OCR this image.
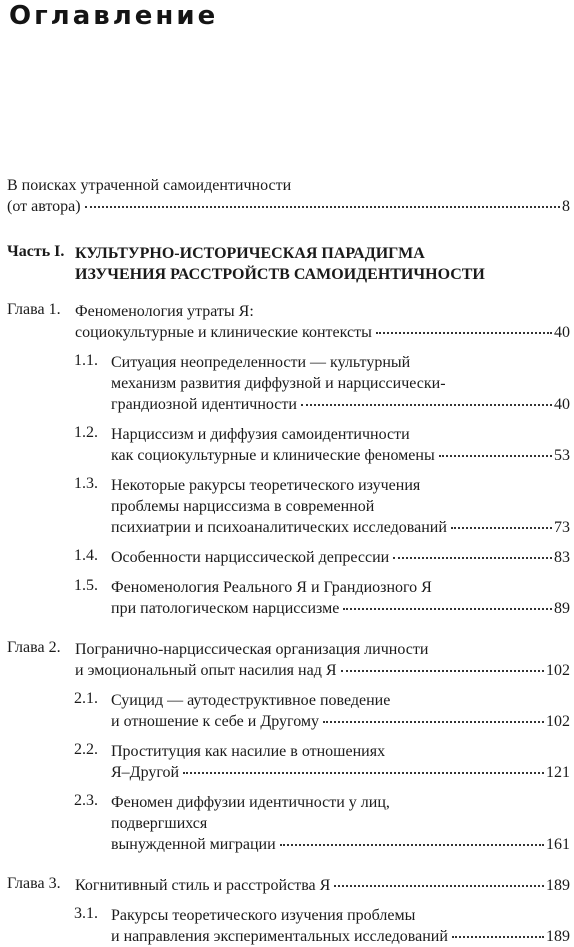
Оглавление
В поисках утраченной самоидентичности
(от автора)	8
Часть I. КУЛЬТУРНО-ИСТОРИЧЕСКАЯ ПАРАДИГМА
ИЗУЧЕНИЯ РАССТРОЙСТВ САМОИДЕНТИЧНОСТИ
Глава 1. Феноменология утраты Я:
социокультурные и клинические контексты	40
1.1. Ситуация неопределенности — культурный
механизм развития диффузной и нарциссически-
грандиозной идентичности	40
1.2. Нарциссизм и диффузия самоидентичности
как социокультурные и клинические феномены	53
1.3. Некоторые ракурсы теоретического изучения
проблемы нарциссизма в современной
психиатрии и психоаналитических исследований	73
1.4. Особенности нарциссической депрессии	83
1.5. Феноменология Реального Я и Грандиозного Я
при патологическом нарциссизме	89
Глава 2. Погранично-нарциссическая организация личности
и эмоциональный опыт насилия над Я	102
2.1. Суицид — аутодеструктивное поведение
и отношение к себе и Другому	102
2.2. Проституция как насилие в отношениях
Я–Другой	121
2.3. Феномен диффузии идентичности у лиц,
подвергшихся
вынужденной миграции	161
Глава 3. Когнитивный стиль и расстройства Я	189
3.1. Ракурсы теоретического изучения проблемы
и направления экспериментальных исследований	189
